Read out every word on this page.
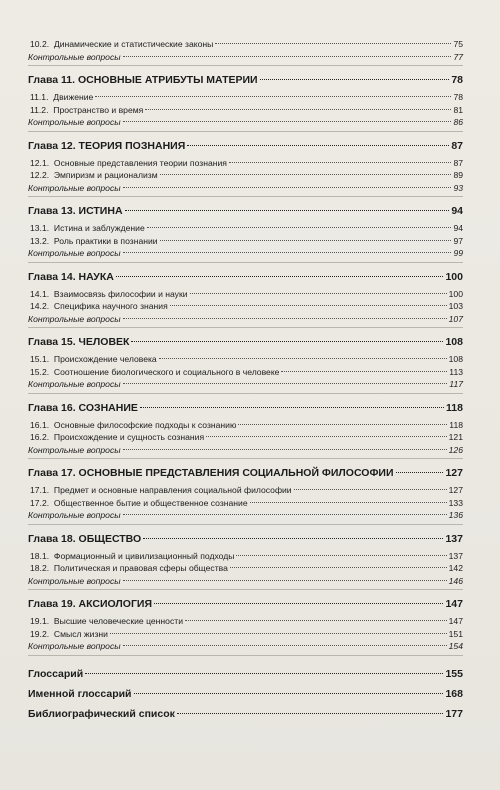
10.2. Динамические и статистические законы	75
Контрольные вопросы	77
Глава 11. ОСНОВНЫЕ АТРИБУТЫ МАТЕРИИ	78
11.1. Движение	78
11.2. Пространство и время	81
Контрольные вопросы	86
Глава 12. ТЕОРИЯ ПОЗНАНИЯ	87
12.1. Основные представления теории познания	87
12.2. Эмпиризм и рационализм	89
Контрольные вопросы	93
Глава 13. ИСТИНА	94
13.1. Истина и заблуждение	94
13.2. Роль практики в познании	97
Контрольные вопросы	99
Глава 14. НАУКА	100
14.1. Взаимосвязь философии и науки	100
14.2. Специфика научного знания	103
Контрольные вопросы	107
Глава 15. ЧЕЛОВЕК	108
15.1. Происхождение человека	108
15.2. Соотношение биологического и социального в человеке	113
Контрольные вопросы	117
Глава 16. СОЗНАНИЕ	118
16.1. Основные философские подходы к сознанию	118
16.2. Происхождение и сущность сознания	121
Контрольные вопросы	126
Глава 17. ОСНОВНЫЕ ПРЕДСТАВЛЕНИЯ СОЦИАЛЬНОЙ ФИЛОСОФИИ	127
17.1. Предмет и основные направления социальной философии	127
17.2. Общественное бытие и общественное сознание	133
Контрольные вопросы	136
Глава 18. ОБЩЕСТВО	137
18.1. Формационный и цивилизационный подходы	137
18.2. Политическая и правовая сферы общества	142
Контрольные вопросы	146
Глава 19. АКСИОЛОГИЯ	147
19.1. Высшие человеческие ценности	147
19.2. Смысл жизни	151
Контрольные вопросы	154
Глоссарий	155
Именной глоссарий	168
Библиографический список	177
